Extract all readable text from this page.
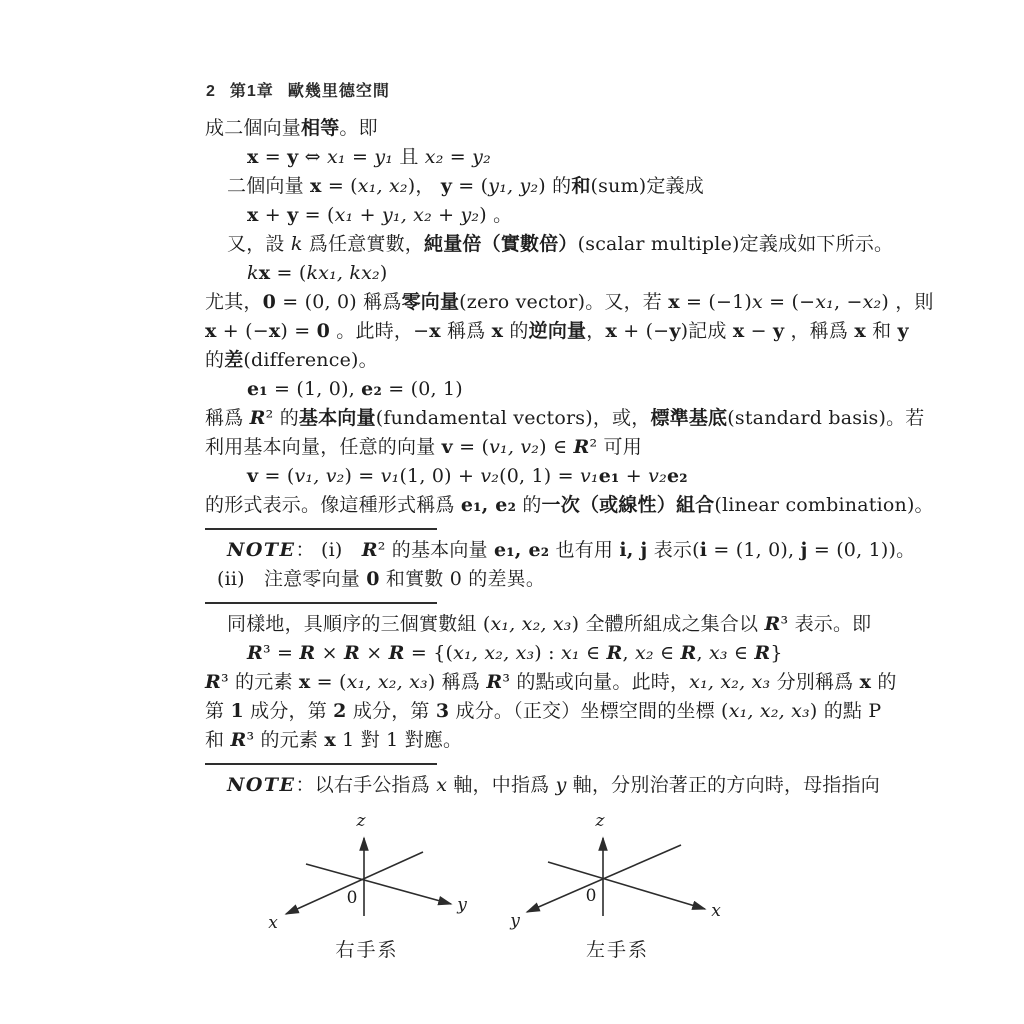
2 第1章 歐幾里德空間
成二個向量相等。即
x = y ⇔ x₁ = y₁ 且 x₂ = y₂
二個向量 x = (x₁, x₂)， y = (y₁, y₂) 的和(sum)定義成
x + y = (x₁ + y₁, x₂ + y₂) 。
又，設 k 爲任意實數，純量倍（實數倍）(scalar multiple)定義成如下所示。
kx = (kx₁, kx₂)
尤其，0 = (0, 0) 稱爲零向量(zero vector)。又，若 x = (−1)x = (−x₁, −x₂) ，則
x + (−x) = 0 。此時，−x 稱爲 x 的逆向量，x + (−y)記成 x − y ，稱爲 x 和 y
的差(difference)。
e₁ = (1, 0), e₂ = (0, 1)
稱爲 R² 的基本向量(fundamental vectors)，或，標準基底(standard basis)。若
利用基本向量，任意的向量 v = (v₁, v₂) ∈ R² 可用
v = (v₁, v₂) = v₁(1, 0) + v₂(0, 1) = v₁e₁ + v₂e₂
的形式表示。像這種形式稱爲 e₁, e₂ 的一次（或線性）組合(linear combination)。
NOTE： (i)　R² 的基本向量 e₁, e₂ 也有用 i, j 表示(i = (1, 0), j = (0, 1))。
(ii)　注意零向量 0 和實數 0 的差異。
同樣地，具順序的三個實數組 (x₁, x₂, x₃) 全體所組成之集合以 R³ 表示。即
R³ = R × R × R = {(x₁, x₂, x₃) : x₁ ∈ R, x₂ ∈ R, x₃ ∈ R}
R³ 的元素 x = (x₁, x₂, x₃) 稱爲 R³ 的點或向量。此時，x₁, x₂, x₃ 分別稱爲 x 的
第 1 成分，第 2 成分，第 3 成分。（正交）坐標空間的坐標 (x₁, x₂, x₃) 的點 P
和 R³ 的元素 x 1 對 1 對應。
NOTE：以右手公指爲 x 軸，中指爲 y 軸，分別治著正的方向時，母指指向
z
x
y
0
右手系
z
y	x
0
左手系
